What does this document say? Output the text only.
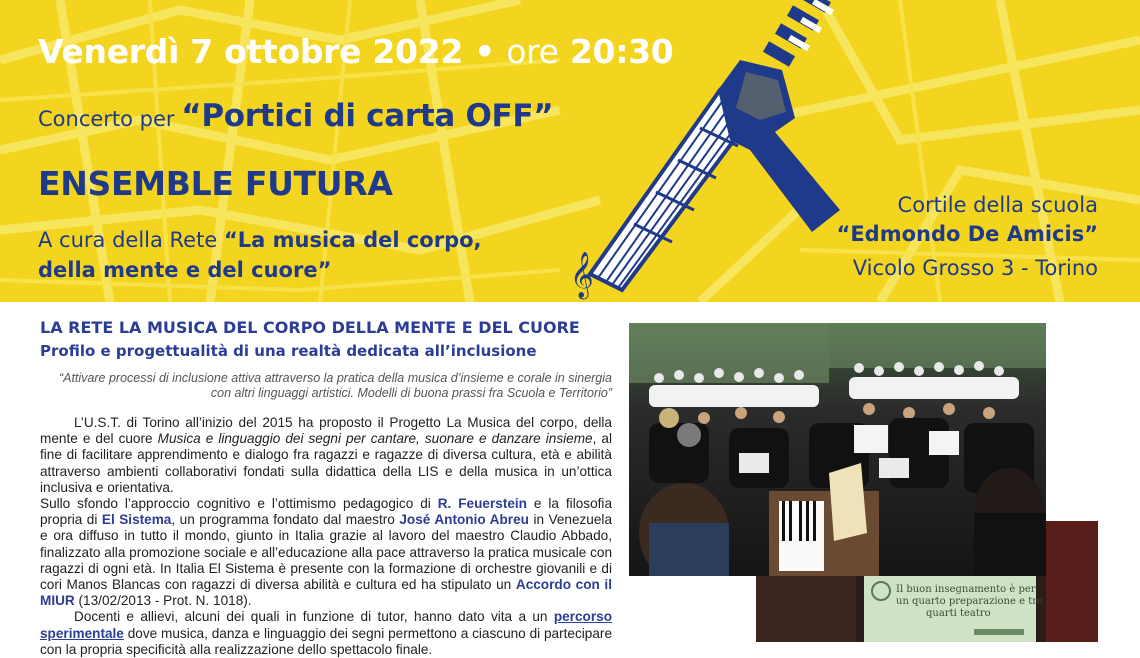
Venerdì 7 ottobre 2022 • ore 20:30
Concerto per “Portici di carta OFF”
ENSEMBLE FUTURA
A cura della Rete “La musica del corpo,
della mente e del cuore”
Cortile della scuola
“Edmondo De Amicis”
Vicolo Grosso 3 - Torino
𝄞
LA RETE LA MUSICA DEL CORPO DELLA MENTE E DEL CUORE
Profilo e progettualità di una realtà dedicata all’inclusione

“Attivare processi di inclusione attiva attraverso la pratica della musica d’insieme e corale in sinergia con altri linguaggi artistici. Modelli di buona prassi fra Scuola e Territorio”

L’U.S.T. di Torino all’inizio del 2015 ha proposto il Progetto La Musica del corpo, della mente e del cuore Musica e linguaggio dei segni per cantare, suonare e danzare insieme, al fine di facilitare apprendimento e dialogo fra ragazzi e ragazze di diversa cultura, età e abilità attraverso ambienti collaborativi fondati sulla didattica della LIS e della musica in un’ottica inclusiva e orientativa.

Sullo sfondo l’approccio cognitivo e l’ottimismo pedagogico di R. Feuerstein e la filosofia propria di El Sistema, un programma fondato dal maestro José Antonio Abreu in Venezuela e ora diffuso in tutto il mondo, giunto in Italia grazie al lavoro del maestro Claudio Abbado, finalizzato alla promozione sociale e all’educazione alla pace attraverso la pratica musicale con ragazzi di ogni età. In Italia El Sistema è presente con la formazione di orchestre giovanili e di cori Manos Blancas con ragazzi di diversa abilità e cultura ed ha stipulato un Accordo con il MIUR (13/02/2013 - Prot. N. 1018).

Docenti e allievi, alcuni dei quali in funzione di tutor, hanno dato vita a un percorso sperimentale dove musica, danza e linguaggio dei segni permettono a ciascuno di partecipare con la propria specificità alla realizzazione dello spettacolo finale.

Il buon insegnamento è per
un quarto preparazione e tre
quarti teatro
